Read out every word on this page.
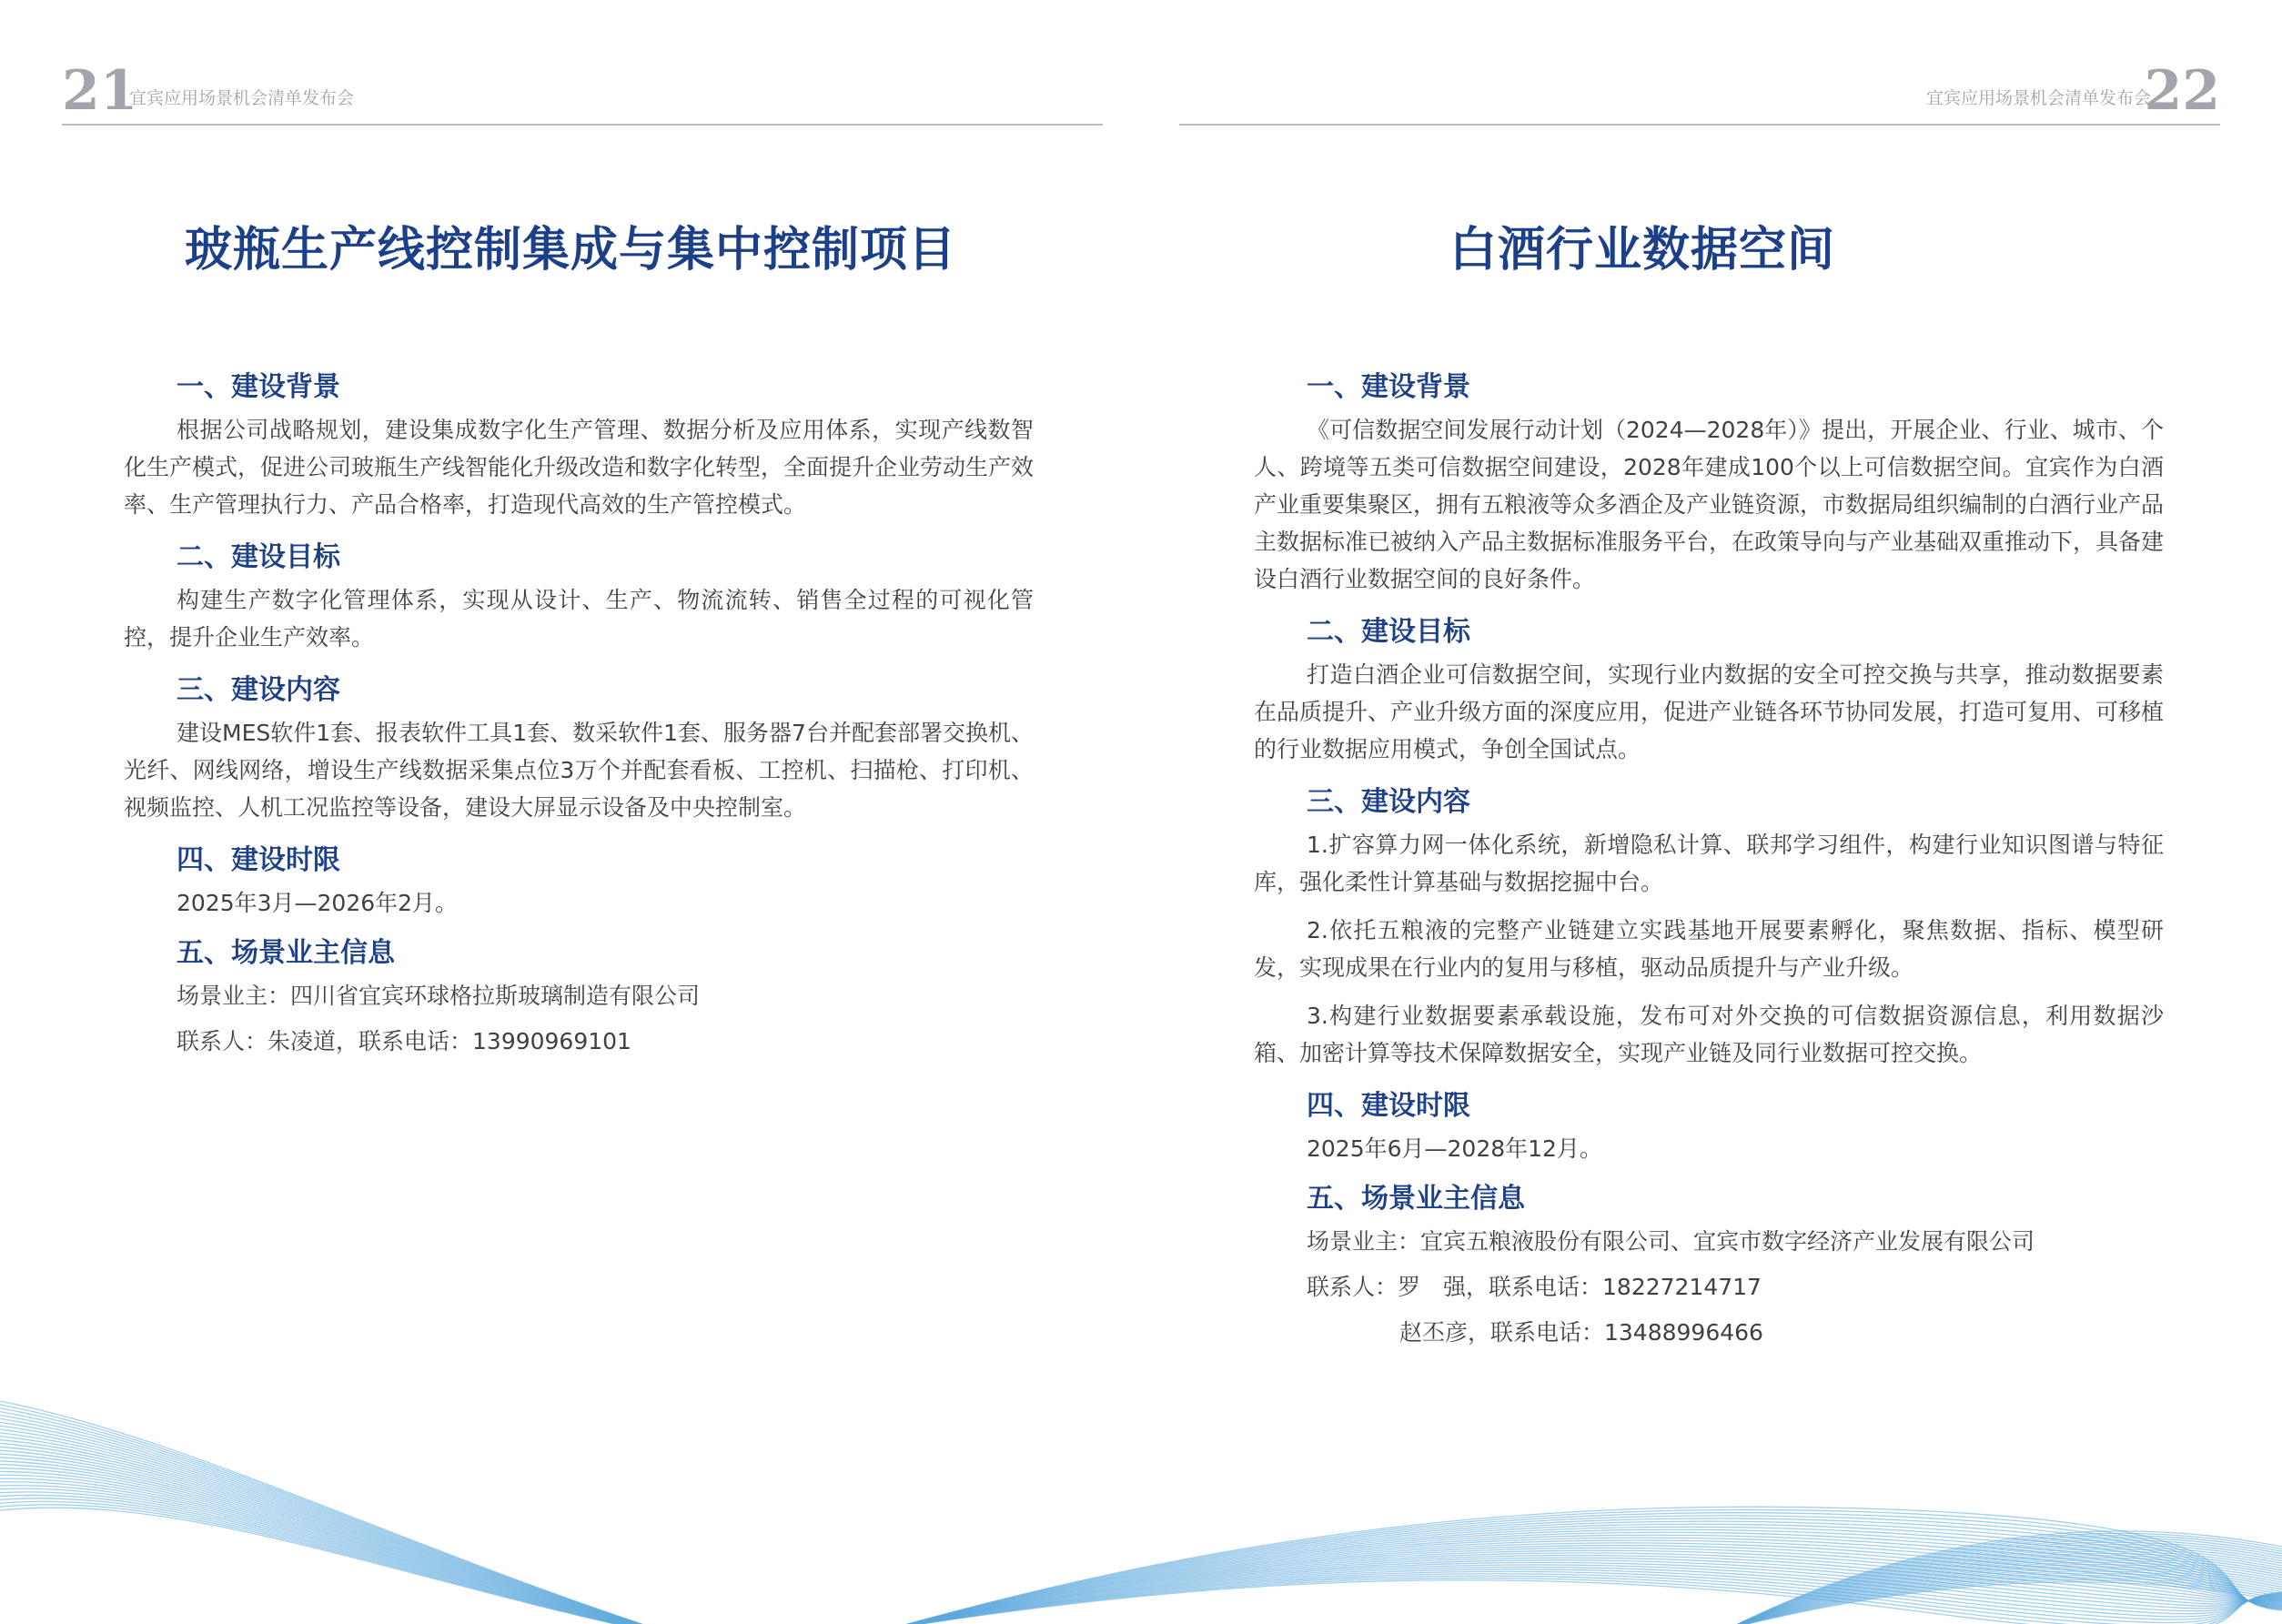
21
宜宾应用场景机会清单发布会
玻瓶生产线控制集成与集中控制项目
一、建设背景

根据公司战略规划，建设集成数字化生产管理、数据分析及应用体系，实现产线数智化生产模式，促进公司玻瓶生产线智能化升级改造和数字化转型，全面提升企业劳动生产效率、生产管理执行力、产品合格率，打造现代高效的生产管控模式。

二、建设目标

构建生产数字化管理体系，实现从设计、生产、物流流转、销售全过程的可视化管控，提升企业生产效率。

三、建设内容

建设MES软件1套、报表软件工具1套、数采软件1套、服务器7台并配套部署交换机、光纤、网线网络，增设生产线数据采集点位3万个并配套看板、工控机、扫描枪、打印机、视频监控、人机工况监控等设备，建设大屏显示设备及中央控制室。

四、建设时限
2025年3月—2026年2月。
五、场景业主信息
场景业主：四川省宜宾环球格拉斯玻璃制造有限公司
联系人：朱凌道，联系电话：13990969101
宜宾应用场景机会清单发布会
22
白酒行业数据空间
一、建设背景

《可信数据空间发展行动计划（2024—2028年）》提出，开展企业、行业、城市、个人、跨境等五类可信数据空间建设，2028年建成100个以上可信数据空间。宜宾作为白酒产业重要集聚区，拥有五粮液等众多酒企及产业链资源，市数据局组织编制的白酒行业产品主数据标准已被纳入产品主数据标准服务平台，在政策导向与产业基础双重推动下，具备建设白酒行业数据空间的良好条件。

二、建设目标

打造白酒企业可信数据空间，实现行业内数据的安全可控交换与共享，推动数据要素在品质提升、产业升级方面的深度应用，促进产业链各环节协同发展，打造可复用、可移植的行业数据应用模式，争创全国试点。

三、建设内容

1.扩容算力网一体化系统，新增隐私计算、联邦学习组件，构建行业知识图谱与特征库，强化柔性计算基础与数据挖掘中台。

2.依托五粮液的完整产业链建立实践基地开展要素孵化，聚焦数据、指标、模型研发，实现成果在行业内的复用与移植，驱动品质提升与产业升级。

3.构建行业数据要素承载设施，发布可对外交换的可信数据资源信息，利用数据沙箱、加密计算等技术保障数据安全，实现产业链及同行业数据可控交换。

四、建设时限
2025年6月—2028年12月。
五、场景业主信息
场景业主：宜宾五粮液股份有限公司、宜宾市数字经济产业发展有限公司
联系人：罗　强，联系电话：18227214717
赵丕彦，联系电话：13488996466
